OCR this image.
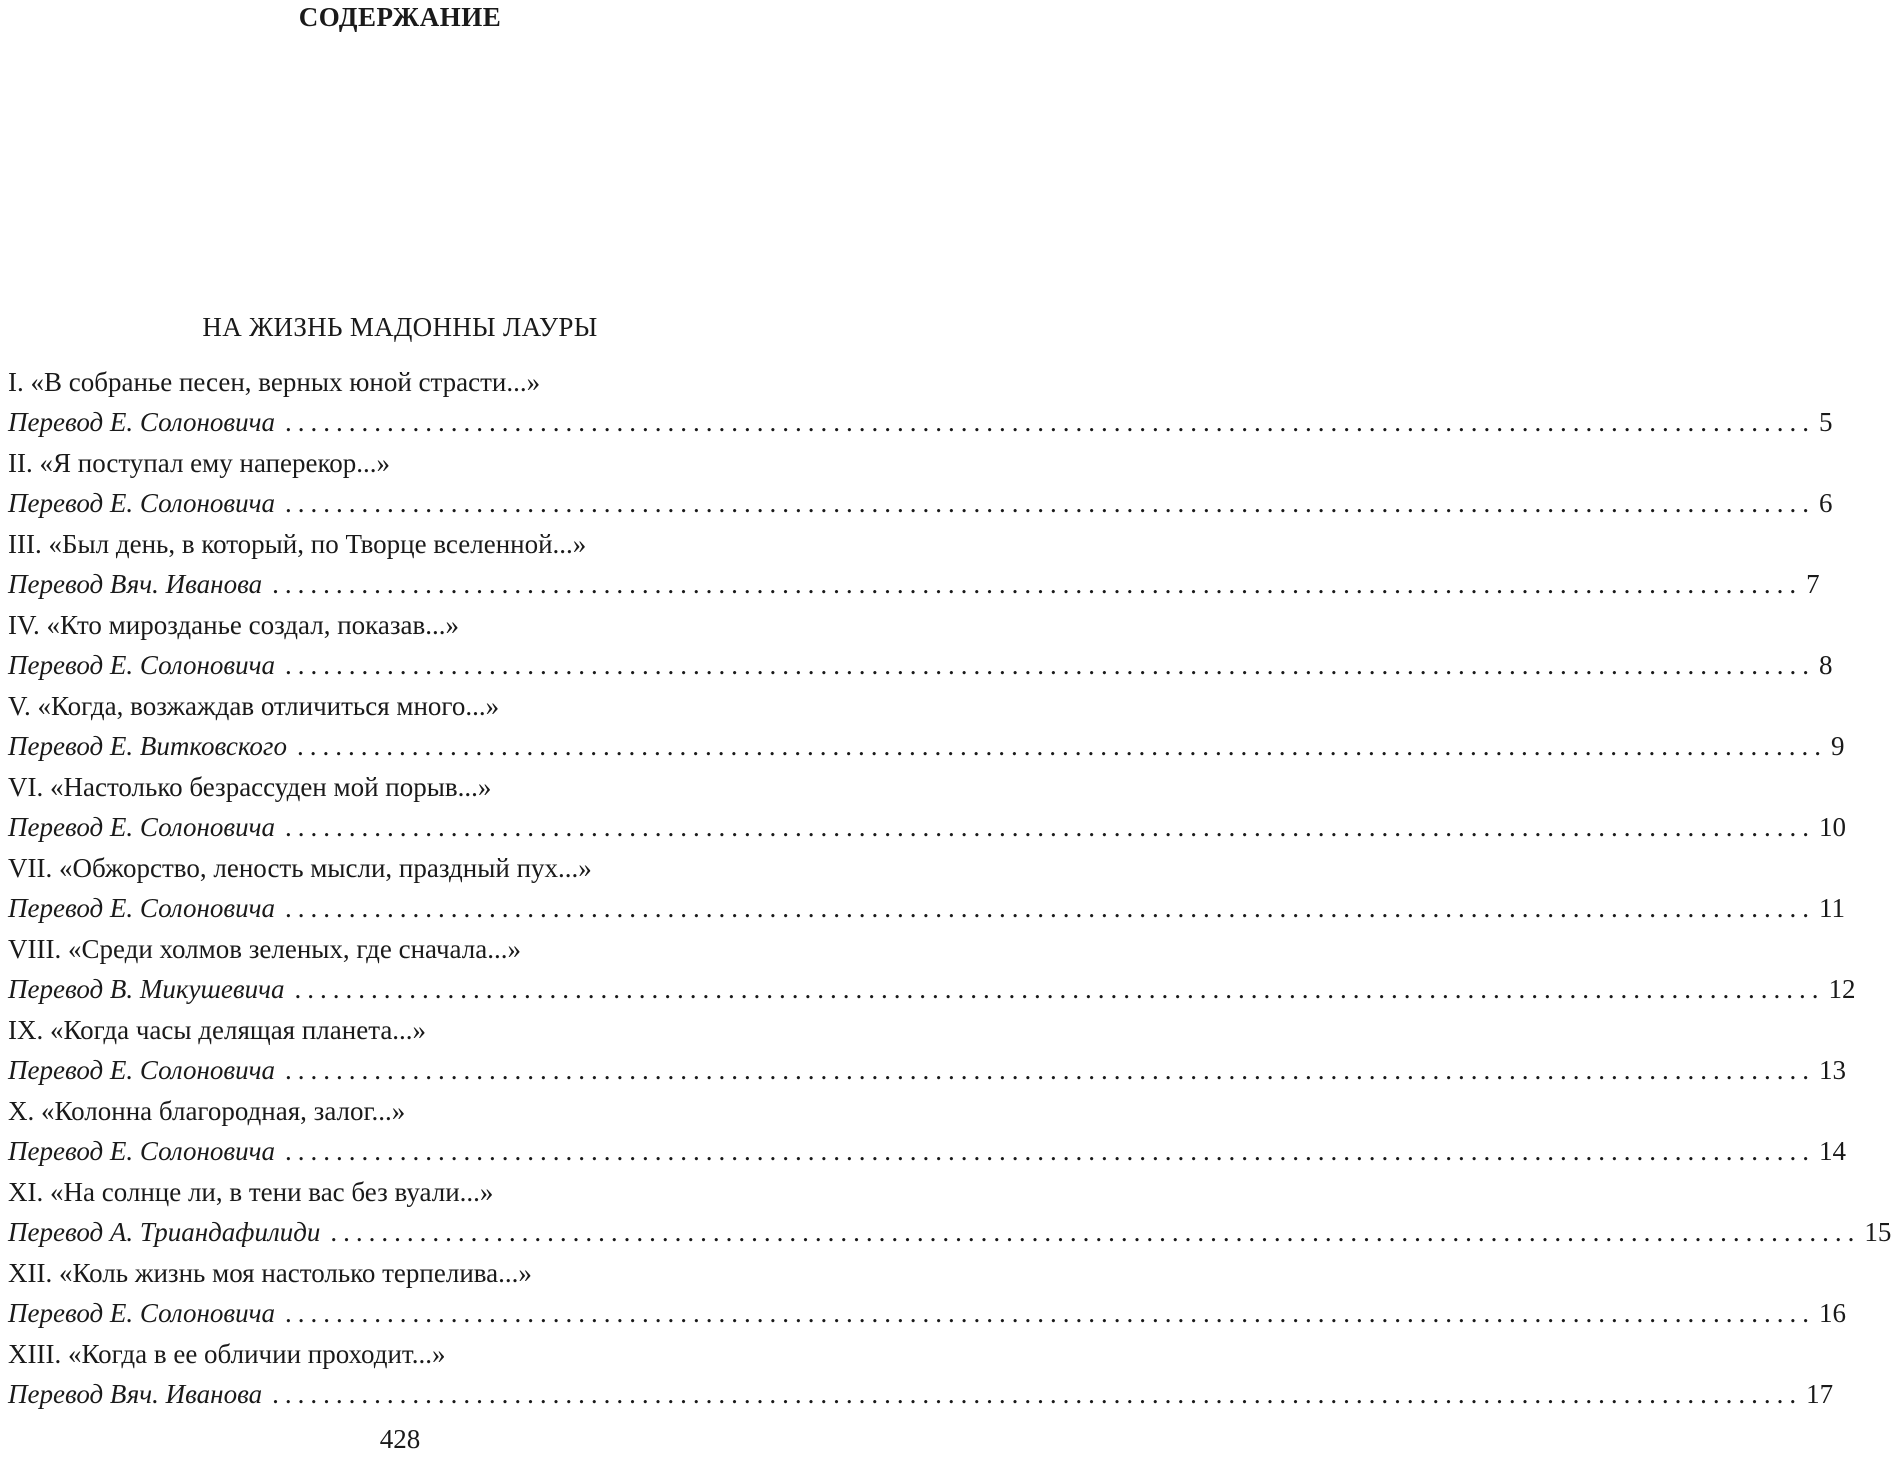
СОДЕРЖАНИЕ
НА ЖИЗНЬ МАДОННЫ ЛАУРЫ
I. «В собранье песен, верных юной страсти...»
Перевод Е. Солоновича ........................................................................................................................ 5
II. «Я поступал ему наперекор...»
Перевод Е. Солоновича ........................................................................................................................ 6
III. «Был день, в который, по Творце вселенной...»
Перевод Вяч. Иванова ........................................................................................................................ 7
IV. «Кто мирозданье создал, показав...»
Перевод Е. Солоновича ........................................................................................................................ 8
V. «Когда, возжаждав отличиться много...»
Перевод Е. Витковского ........................................................................................................................ 9
VI. «Настолько безрассуден мой порыв...»
Перевод Е. Солоновича ........................................................................................................................ 10
VII. «Обжорство, леность мысли, праздный пух...»
Перевод Е. Солоновича ........................................................................................................................ 11
VIII. «Среди холмов зеленых, где сначала...»
Перевод В. Микушевича ........................................................................................................................ 12
IX. «Когда часы делящая планета...»
Перевод Е. Солоновича ........................................................................................................................ 13
X. «Колонна благородная, залог...»
Перевод Е. Солоновича ........................................................................................................................ 14
XI. «На солнце ли, в тени вас без вуали...»
Перевод А. Триандафилиди ........................................................................................................................ 15
XII. «Коль жизнь моя настолько терпелива...»
Перевод Е. Солоновича ........................................................................................................................ 16
XIII. «Когда в ее обличии проходит...»
Перевод Вяч. Иванова ........................................................................................................................ 17
428
